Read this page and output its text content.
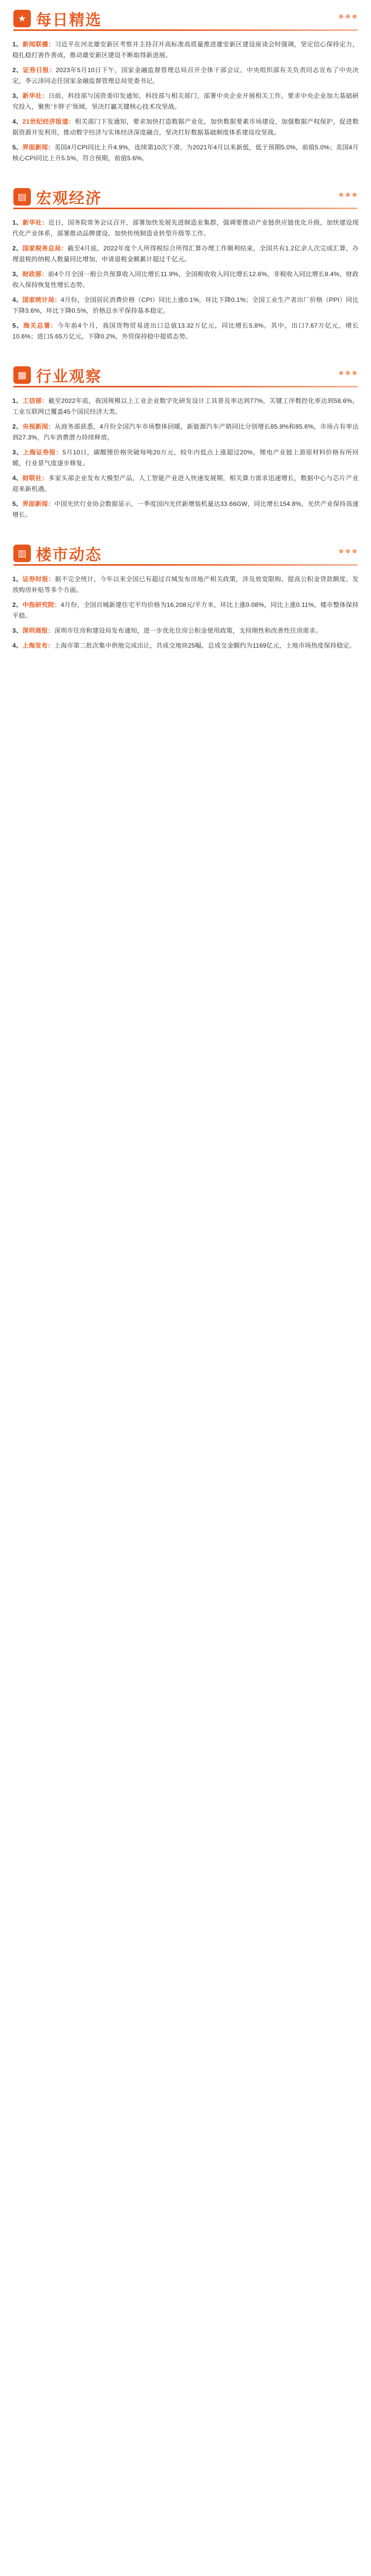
★ 每日精选

1、新闻联播：习近平在河北雄安新区考察并主持召开高标准高质量推进雄安新区建设座谈会时强调，坚定信心保持定力，稳扎稳打善作善成，推动雄安新区建设不断取得新进展。

2、证券日报：2023年5月10日下午，国家金融监督管理总局召开全体干部会议。中央组织部有关负责同志宣布了中央决定，李云泽同志任国家金融监督管理总局党委书记。

3、新华社：日前，科技部与国资委印发通知，科技部与相关部门，部署中央企业开展相关工作，要求中央企业加大基础研究投入，聚焦'卡脖子'领域，坚决打赢关键核心技术攻坚战。

4、21世纪经济报道：相关部门下发通知，要求加快打造数据产业化，加快数据要素市场建设，加强数据产权保护，促进数据资源开发利用，推动数字经济与实体经济深度融合，坚决打好数据基础制度体系建设攻坚战。

5、界面新闻：美国4月CPI同比上升4.9%，连续第10次下滑。为2021年4月以来新低，低于预期5.0%，前值5.0%；美国4月核心CPI同比上升5.5%，符合预期，前值5.6%。

▤ 宏观经济

1、新华社：近日，国务院常务会议召开，部署加快发展先进制造业集群，强调要推动产业链供应链优化升级，加快建设现代化产业体系，部署推动品牌建设、加快传统制造业转型升级等工作。

2、国家税务总局：截至4月底，2022年度个人所得税综合所得汇算办理工作顺利结束，全国共有1.2亿余人次完成汇算，办理退税的纳税人数量同比增加，申请退税金额累计超过千亿元。

3、财政部：前4个月全国一般公共预算收入同比增长11.9%，全国税收收入同比增长12.6%，非税收入同比增长8.4%，财政收入保持恢复性增长态势。

4、国家统计局：4月份，全国居民消费价格（CPI）同比上涨0.1%，环比下降0.1%；全国工业生产者出厂价格（PPI）同比下降3.6%，环比下降0.5%，价格总水平保持基本稳定。

5、海关总署：今年前4个月，我国货物贸易进出口总值13.32万亿元，同比增长5.8%。其中，出口7.67万亿元，增长10.6%；进口5.65万亿元，下降0.2%，外贸保持稳中提质态势。

▦ 行业观察

1、工信部：截至2022年底，我国规模以上工业企业数字化研发设计工具普及率达到77%，关键工序数控化率达到58.6%，工业互联网已覆盖45个国民经济大类。

2、央视新闻：从商务部获悉，4月份全国汽车市场整体回暖，新能源汽车产销同比分别增长85.9%和85.6%，市场占有率达到27.3%，汽车消费潜力持续释放。

3、上海证券报：5月10日，碳酸锂价格突破每吨20万元，较年内低点上涨超过20%，锂电产业链上游原材料价格有所回暖，行业景气度逐步修复。

4、财联社：多家头部企业发布大模型产品，人工智能产业进入快速发展期，相关算力需求迅速增长，数据中心与芯片产业迎来新机遇。

5、界面新闻：中国光伏行业协会数据显示，一季度国内光伏新增装机量达33.66GW，同比增长154.8%，光伏产业保持高速增长。

▥ 楼市动态

1、证券时报：据不完全统计，今年以来全国已有超过百城发布房地产相关政策，涉及放宽限购、提高公积金贷款额度、发放购房补贴等多个方面。

2、中指研究院：4月份，全国百城新建住宅平均价格为16,208元/平方米，环比上涨0.08%，同比上涨0.11%，楼市整体保持平稳。

3、深圳商报：深圳市住房和建设局发布通知，进一步优化住房公积金使用政策，支持刚性和改善性住房需求。

4、上海发布：上海市第二批次集中供地完成出让，共成交地块25幅，总成交金额约为1169亿元，土地市场热度保持稳定。
